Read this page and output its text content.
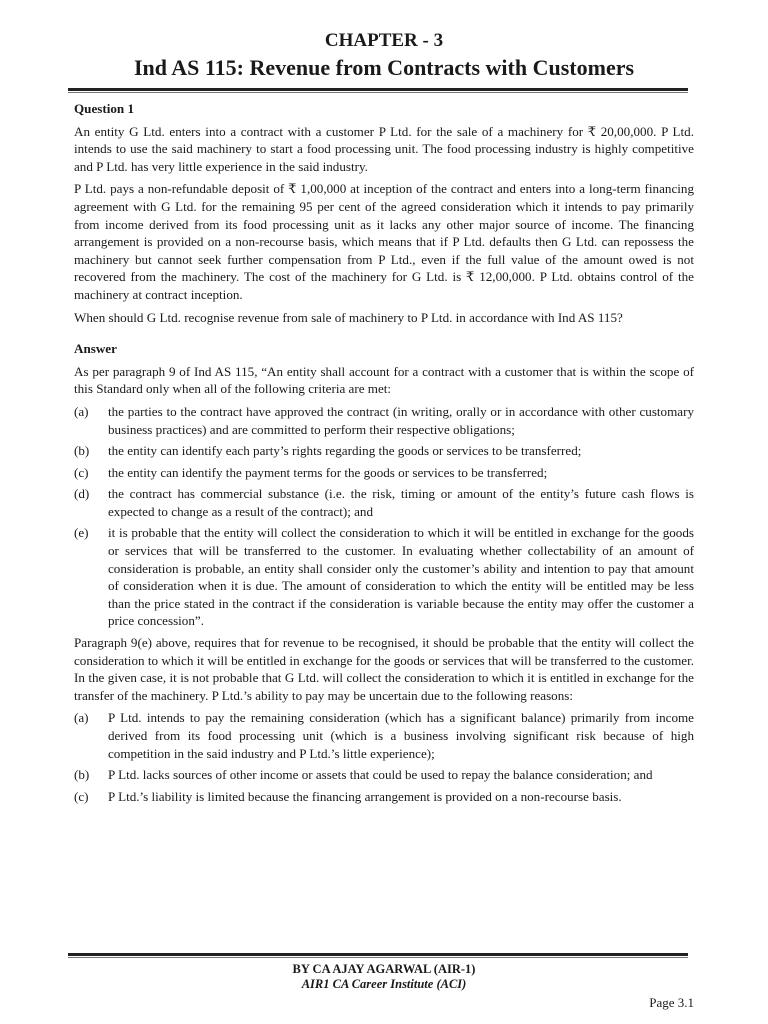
CHAPTER - 3
Ind AS 115: Revenue from Contracts with Customers
Question 1

An entity G Ltd. enters into a contract with a customer P Ltd. for the sale of a machinery for ₹ 20,00,000. P Ltd. intends to use the said machinery to start a food processing unit. The food processing industry is highly competitive and P Ltd. has very little experience in the said industry.

P Ltd. pays a non-refundable deposit of ₹ 1,00,000 at inception of the contract and enters into a long-term financing agreement with G Ltd. for the remaining 95 per cent of the agreed consideration which it intends to pay primarily from income derived from its food processing unit as it lacks any other major source of income. The financing arrangement is provided on a non-recourse basis, which means that if P Ltd. defaults then G Ltd. can repossess the machinery but cannot seek further compensation from P Ltd., even if the full value of the amount owed is not recovered from the machinery. The cost of the machinery for G Ltd. is ₹ 12,00,000. P Ltd. obtains control of the machinery at contract inception.

When should G Ltd. recognise revenue from sale of machinery to P Ltd. in accordance with Ind AS 115?

Answer

As per paragraph 9 of Ind AS 115, “An entity shall account for a contract with a customer that is within the scope of this Standard only when all of the following criteria are met:

(a)	the parties to the contract have approved the contract (in writing, orally or in accordance with other customary business practices) and are committed to perform their respective obligations;
(b)	the entity can identify each party’s rights regarding the goods or services to be transferred;
(c)	the entity can identify the payment terms for the goods or services to be transferred;
(d)	the contract has commercial substance (i.e. the risk, timing or amount of the entity’s future cash flows is expected to change as a result of the contract); and
(e)	it is probable that the entity will collect the consideration to which it will be entitled in exchange for the goods or services that will be transferred to the customer. In evaluating whether collectability of an amount of consideration is probable, an entity shall consider only the customer’s ability and intention to pay that amount of consideration when it is due. The amount of consideration to which the entity will be entitled may be less than the price stated in the contract if the consideration is variable because the entity may offer the customer a price concession”.

Paragraph 9(e) above, requires that for revenue to be recognised, it should be probable that the entity will collect the consideration to which it will be entitled in exchange for the goods or services that will be transferred to the customer. In the given case, it is not probable that G Ltd. will collect the consideration to which it is entitled in exchange for the transfer of the machinery. P Ltd.’s ability to pay may be uncertain due to the following reasons:

(a)	P Ltd. intends to pay the remaining consideration (which has a significant balance) primarily from income derived from its food processing unit (which is a business involving significant risk because of high competition in the said industry and P Ltd.’s little experience);
(b)	P Ltd. lacks sources of other income or assets that could be used to repay the balance consideration; and
(c)	P Ltd.’s liability is limited because the financing arrangement is provided on a non-recourse basis.
BY CA AJAY AGARWAL (AIR-1)
AIR1 CA Career Institute (ACI)
Page 3.1
